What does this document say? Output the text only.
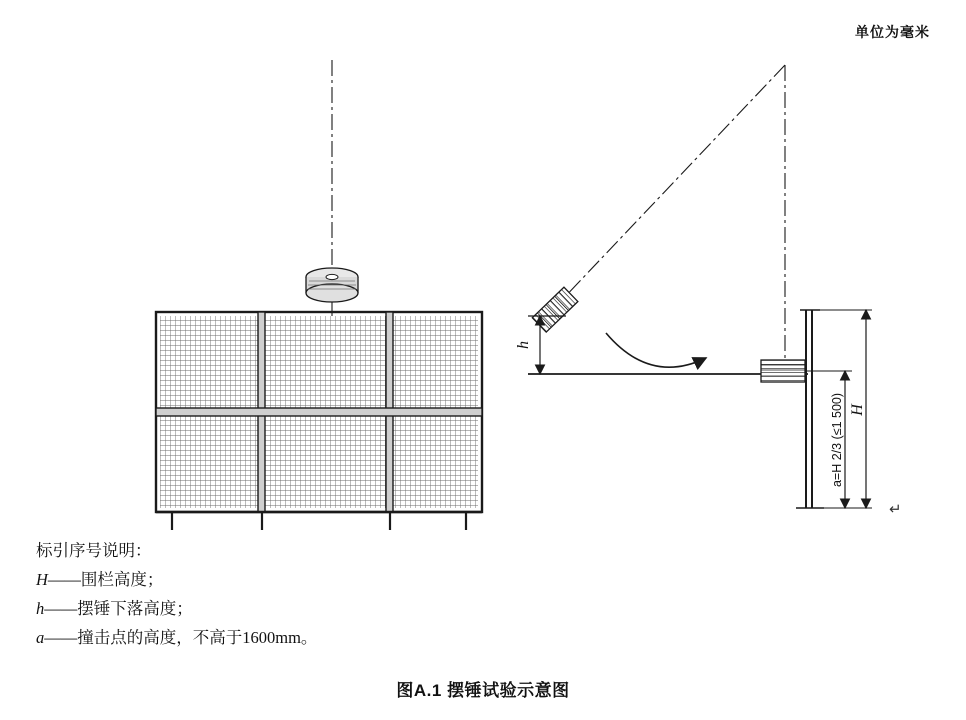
单位为毫米
h
a=H 2/3 (≤1 500) H
↵
标引序号说明：
H——围栏高度；
h——摆锤下落高度；
a——撞击点的高度，不高于1600mm。
图A.1 摆锤试验示意图
